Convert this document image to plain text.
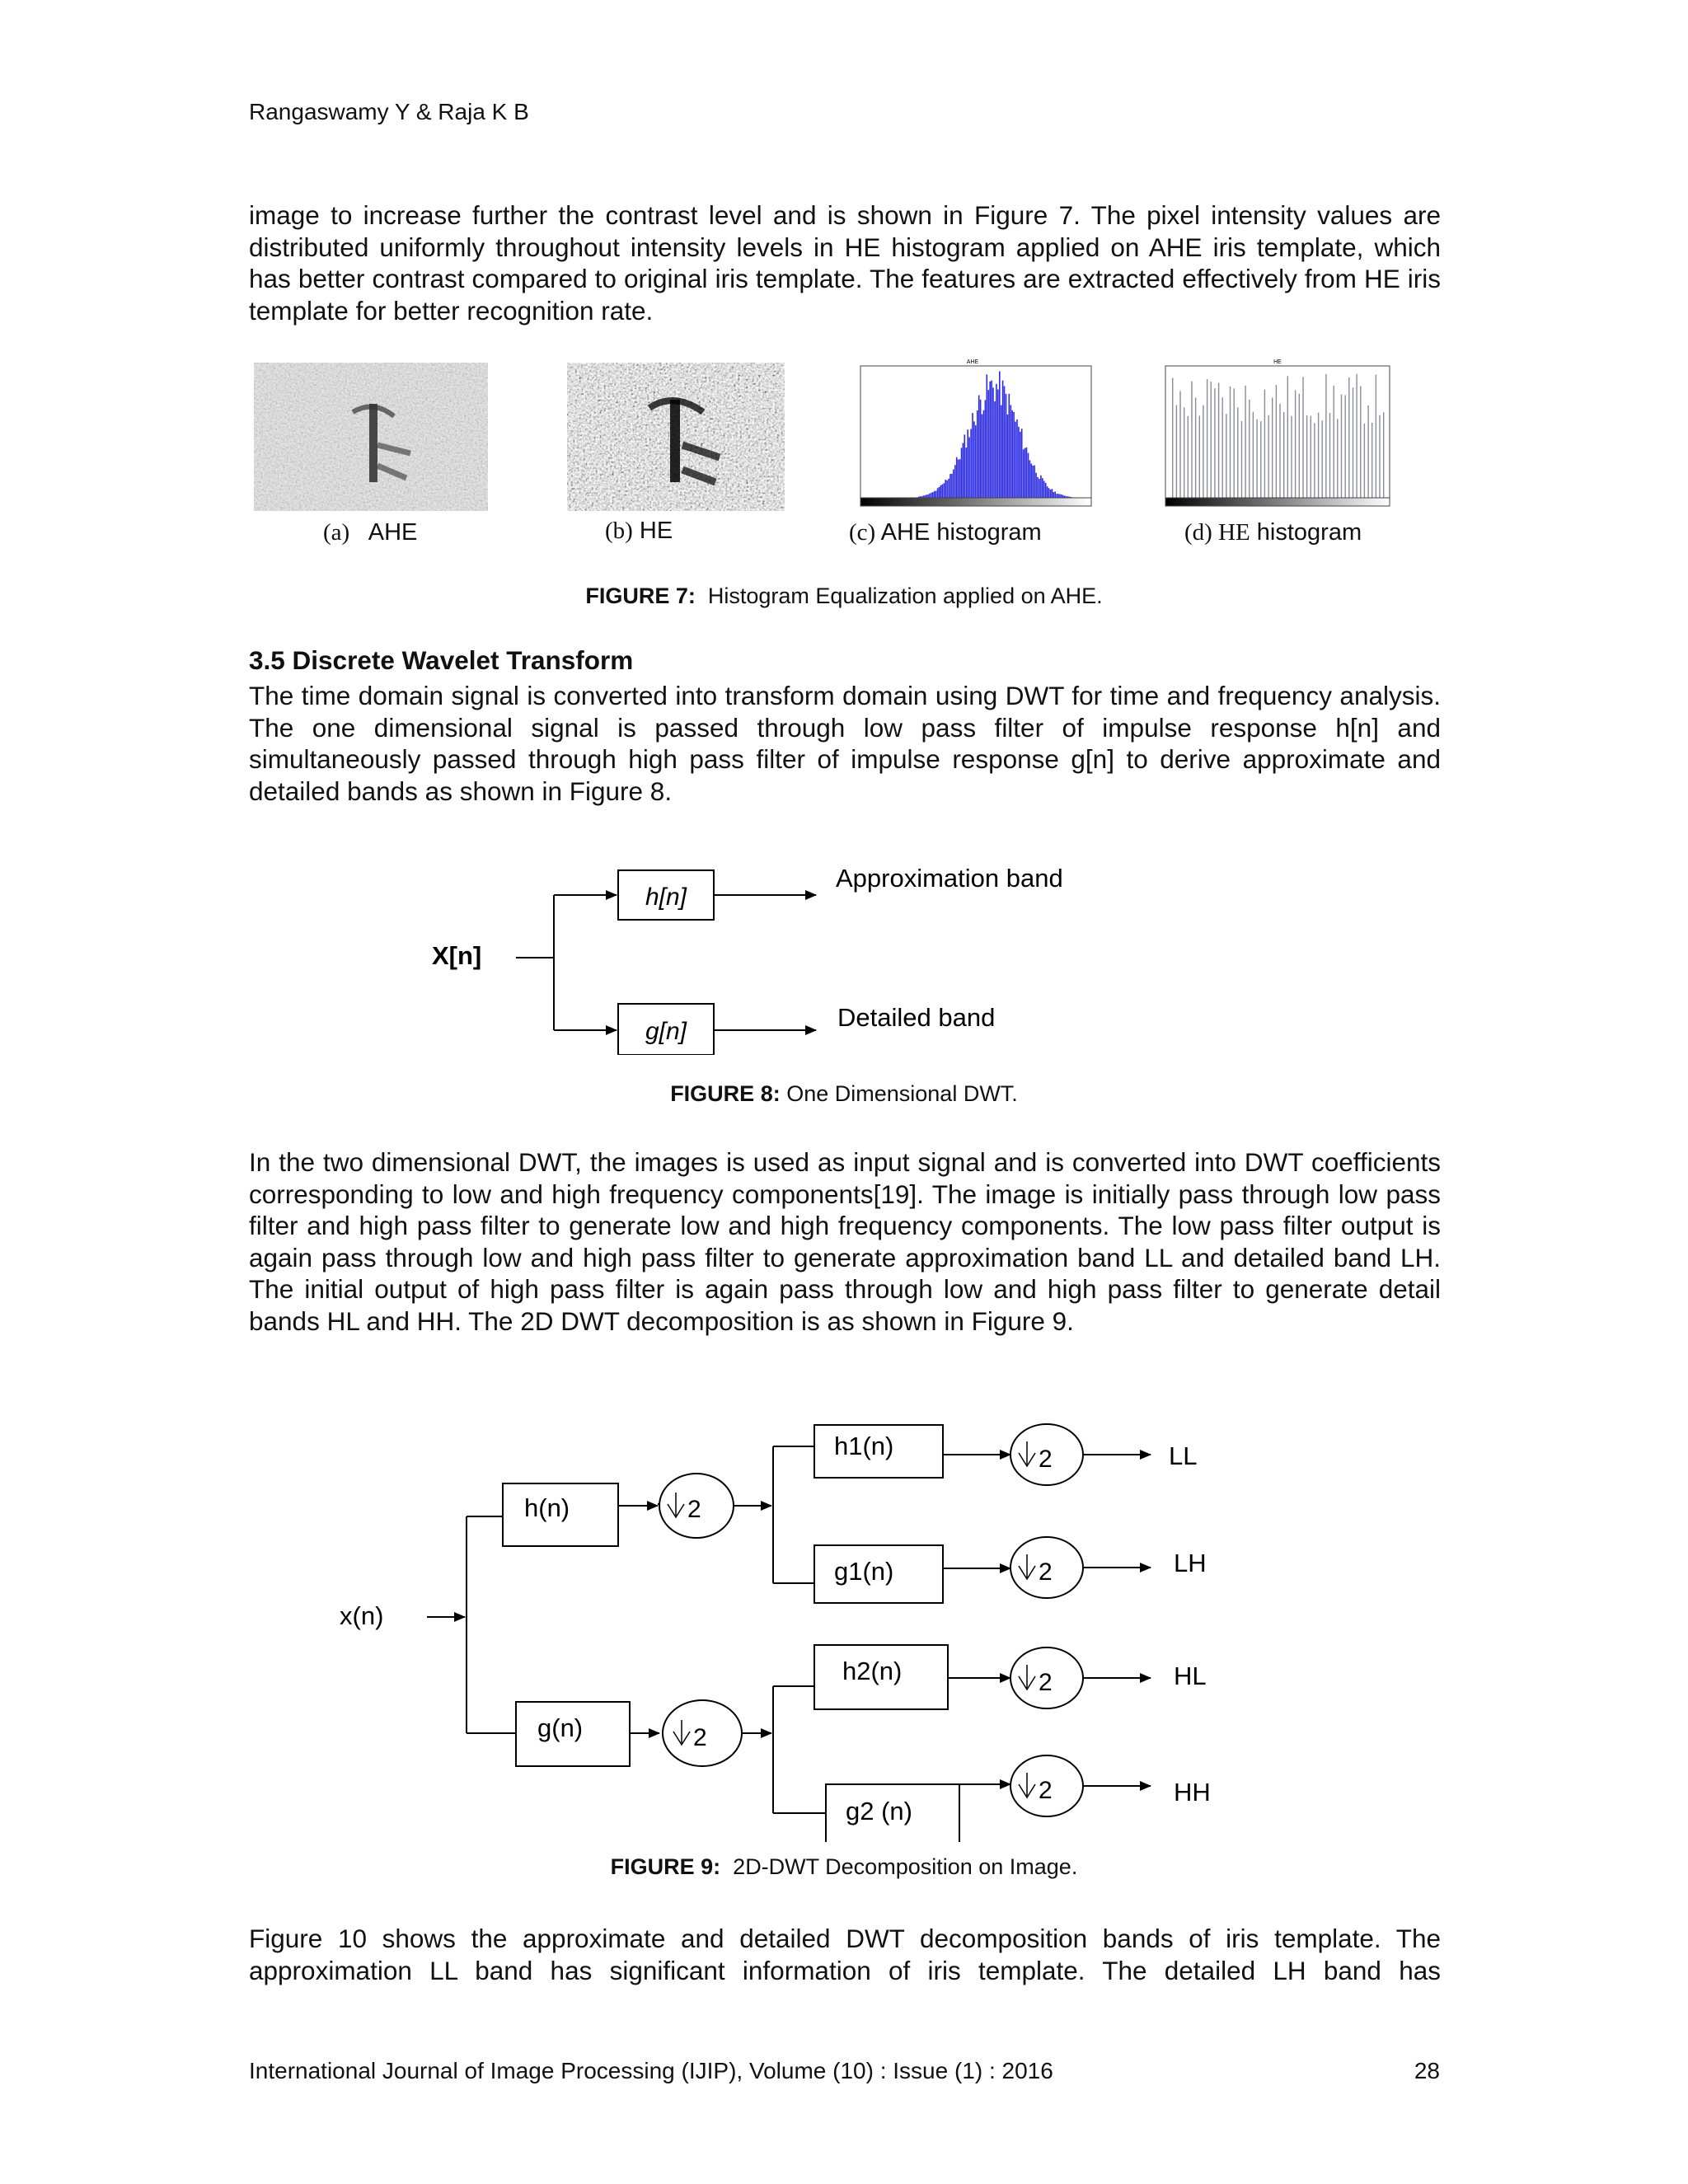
Rangaswamy Y & Raja K B
image to increase further the contrast level and is shown in Figure 7. The pixel intensity values are distributed uniformly throughout intensity levels in HE histogram applied on AHE iris template, which has better contrast compared to original iris template. The features are extracted effectively from HE iris template for better recognition rate.
AHE	HE
(a) AHE	(b) HE	(c) AHE histogram	(d) HE histogram
FIGURE 7: Histogram Equalization applied on AHE.
3.5 Discrete Wavelet Transform
The time domain signal is converted into transform domain using DWT for time and frequency analysis. The one dimensional signal is passed through low pass filter of impulse response h[n] and simultaneously passed through high pass filter of impulse response g[n] to derive approximate and detailed bands as shown in Figure 8.
X[n]
h[n]
g[n]
Approximation band
Detailed band
FIGURE 8: One Dimensional DWT.
In the two dimensional DWT, the images is used as input signal and is converted into DWT coefficients corresponding to low and high frequency components[19]. The image is initially pass through low pass filter and high pass filter to generate low and high frequency components. The low pass filter output is again pass through low and high pass filter to generate approximation band LL and detailed band LH. The initial output of high pass filter is again pass through low and high pass filter to generate detail bands HL and HH. The 2D DWT decomposition is as shown in Figure 9.
x(n)
h(n)
g(n)
2
2
h1(n)
g1(n)
h2(n)
g2 (n)
2
2
2
2
LL
LH
HL
HH
FIGURE 9: 2D-DWT Decomposition on Image.
Figure 10 shows the approximate and detailed DWT decomposition bands of iris template. The approximation LL band has significant information of iris template. The detailed LH band has
International Journal of Image Processing (IJIP), Volume (10) : Issue (1) : 2016	28
